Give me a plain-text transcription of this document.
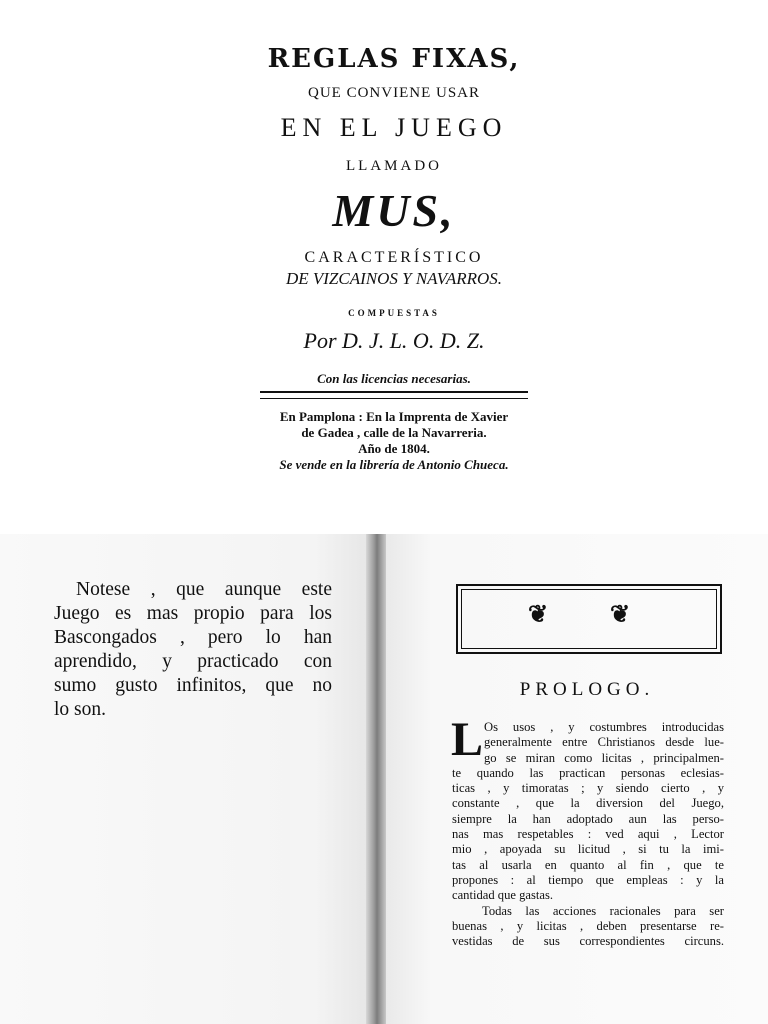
REGLAS FIXAS,
QUE CONVIENE USAR
EN EL JUEGO
LLAMADO
MUS,
CARACTERÍSTICO
DE VIZCAINOS Y NAVARROS.
COMPUESTAS
Por D. J. L. O. D. Z.
Con las licencias necesarias.
En Pamplona : En la Imprenta de Xavier
de Gadea , calle de la Navarreria.
Año de 1804.
Se vende en la librería de Antonio Chueca.
Notese , que aunque este
Juego es mas propio para los
Bascongados , pero lo han
aprendido, y practicado con
sumo gusto infinitos, que no
lo son.
❦	❦
PROLOGO.
L Os usos , y costumbres introducidas
generalmente entre Christianos desde lue-
go se miran como licitas , principalmen-
te quando las practican personas eclesias-
ticas , y timoratas ; y siendo cierto , y
constante , que la diversion del Juego,
siempre la han adoptado aun las perso-
nas mas respetables : ved aqui , Lector
mio , apoyada su licitud , si tu la imi-
tas al usarla en quanto al fin , que te
propones : al tiempo que empleas : y la
cantidad que gastas.
Todas las acciones racionales para ser
buenas , y licitas , deben presentarse re-
vestidas de sus correspondientes circuns.
